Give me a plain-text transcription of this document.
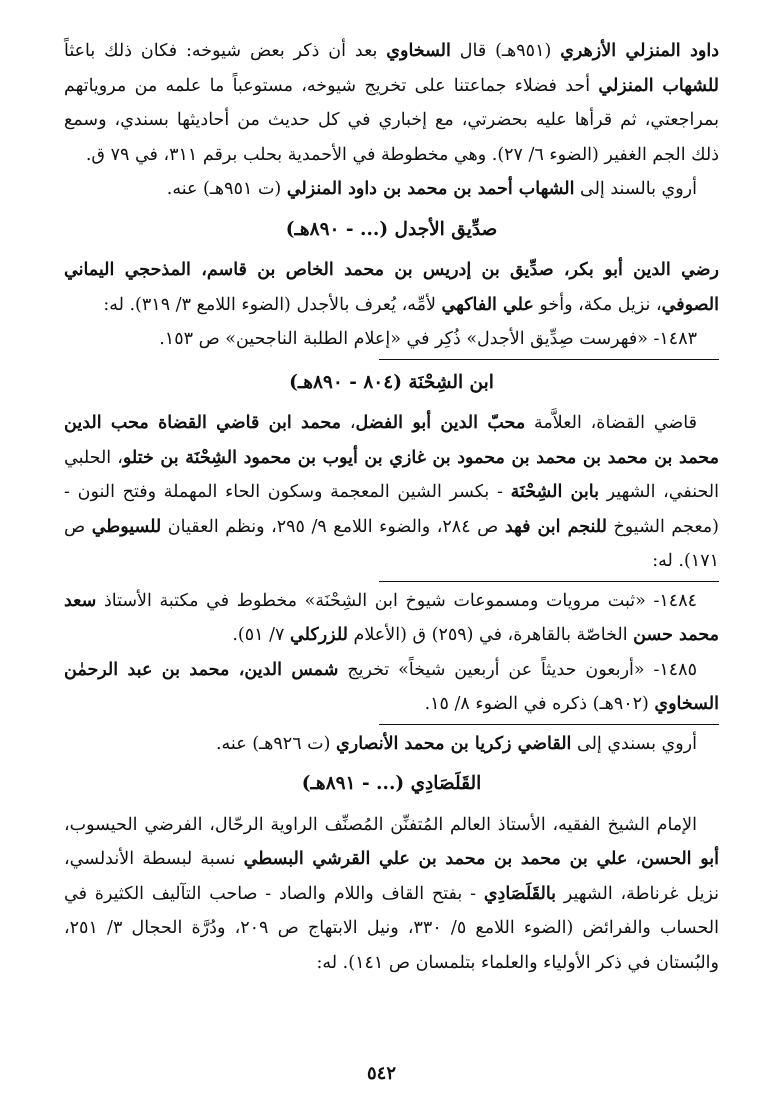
داود المنزلي الأزهري (٩٥١هـ) قال السخاوي بعد أن ذكر بعض شيوخه: فكان ذلك باعثاً للشهاب المنزلي أحد فضلاء جماعتنا على تخريج شيوخه، مستوعباً ما علمه من مروياتهم بمراجعتي، ثم قرأها عليه بحضرتي، مع إخباري في كل حديث من أحاديثها بسندي، وسمع ذلك الجم الغفير (الضوء ٦/ ٢٧). وهي مخطوطة في الأحمدية بحلب برقم ٣١١، في ٧٩ ق.

أروي بالسند إلى الشهاب أحمد بن محمد بن داود المنزلي (ت ٩٥١هـ) عنه.

صدِّيق الأجدل (... - ٨٩٠هـ)

رضي الدين أبو بكر، صدِّيق بن إدريس بن محمد الخاص بن قاسم، المذحجي اليماني الصوفي، نزيل مكة، وأخو علي الفاكهي لأمِّه، يُعرف بالأجدل (الضوء اللامع ٣/ ٣١٩). له:

١٤٨٣- «فهرست صِدِّيق الأجدل» ذُكِر في «إعلام الطلبة الناجحين» ص ١٥٣.

ابن الشِحْنَة (٨٠٤ - ٨٩٠هـ)

قاضي القضاة، العلاَّمة محبّ الدين أبو الفضل، محمد ابن قاضي القضاة محب الدين محمد بن محمد بن محمد بن محمود بن غازي بن أيوب بن محمود الشِحْنَة بن ختلو، الحلبي الحنفي، الشهير بابن الشِحْنَة - بكسر الشين المعجمة وسكون الحاء المهملة وفتح النون - (معجم الشيوخ للنجم ابن فهد ص ٢٨٤، والضوء اللامع ٩/ ٢٩٥، ونظم العقيان للسيوطي ص ١٧١). له:

١٤٨٤- «ثبت مرويات ومسموعات شيوخ ابن الشِحْنَة» مخطوط في مكتبة الأستاذ سعد محمد حسن الخاصّة بالقاهرة، في (٢٥٩) ق (الأعلام للزركلي ٧/ ٥١).

١٤٨٥- «أربعون حديثاً عن أربعين شيخاً» تخريج شمس الدين، محمد بن عبد الرحمٰن السخاوي (٩٠٢هـ) ذكره في الضوء ٨/ ١٥.

أروي بسندي إلى القاضي زكريا بن محمد الأنصاري (ت ٩٢٦هـ) عنه.

القَلَصَادِي (... - ٨٩١هـ)

الإمام الشيخ الفقيه، الأستاذ العالم المُتفنِّن المُصنِّف الراوية الرحّال، الفرضي الحيسوب، أبو الحسن، علي بن محمد بن محمد بن علي القرشي البسطي نسبة لبسطة الأندلسي، نزيل غرناطة، الشهير بالقَلَصَادِي - بفتح القاف واللام والصاد - صاحب التآليف الكثيرة في الحساب والفرائض (الضوء اللامع ٥/ ٣٣٠، ونيل الابتهاج ص ٢٠٩، ودُرَّة الحجال ٣/ ٢٥١، والبُستان في ذكر الأولياء والعلماء بتلمسان ص ١٤١). له:

٥٤٢
